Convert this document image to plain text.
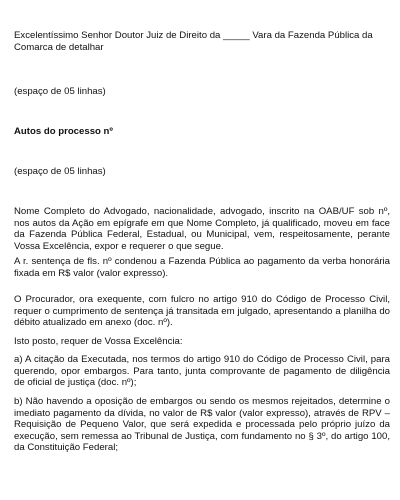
Excelentíssimo Senhor Doutor Juiz de Direito da _____ Vara da Fazenda Pública da Comarca de detalhar

(espaço de 05 linhas)

Autos do processo nº

(espaço de 05 linhas)

Nome Completo do Advogado, nacionalidade, advogado, inscrito na OAB/UF sob nº, nos autos da Ação em epígrafe em que Nome Completo, já qualificado, moveu em face da Fazenda Pública Federal, Estadual, ou Municipal, vem, respeitosamente, perante Vossa Excelência, expor e requerer o que segue.

A r. sentença de fls. nº condenou a Fazenda Pública ao pagamento da verba honorária fixada em R$ valor (valor expresso).

O Procurador, ora exequente, com fulcro no artigo 910 do Código de Processo Civil, requer o cumprimento de sentença já transitada em julgado, apresentando a planilha do débito atualizado em anexo (doc. nº).

Isto posto, requer de Vossa Excelência:

a) A citação da Executada, nos termos do artigo 910 do Código de Processo Civil, para querendo, opor embargos. Para tanto, junta comprovante de pagamento de diligência de oficial de justiça (doc. nº);

b) Não havendo a oposição de embargos ou sendo os mesmos rejeitados, determine o imediato pagamento da dívida, no valor de R$ valor (valor expresso), através de RPV – Requisição de Pequeno Valor, que será expedida e processada pelo próprio juízo da execução, sem remessa ao Tribunal de Justiça, com fundamento no § 3º, do artigo 100, da Constituição Federal;
